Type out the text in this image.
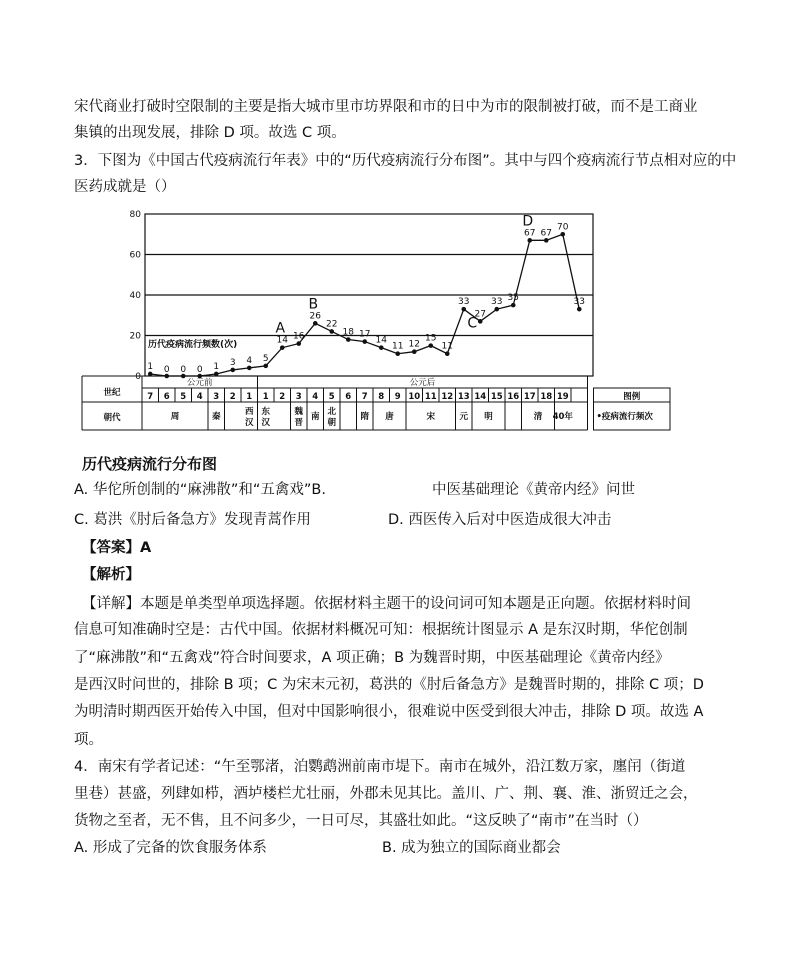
宋代商业打破时空限制的主要是指大城市里市坊界限和市的日中为市的限制被打破，而不是工商业
集镇的出现发展，排除 D 项。故选 C 项。
3．下图为《中国古代疫病流行年表》中的“历代疫病流行分布图”。其中与四个疫病流行节点相对应的中
医药成就是（）
0
20
40
60
80
历代疫病流行频数(次)
1 0 0 0 1 3 4 5
14 16
26
22
18 17
14
11 12
15
11
33
27
33 35
67 67
70
33
A
B
C
D
世纪
朝代
公元前	公元后
7 6 5 4 3 2 1 1 2 3 4 5 6 7 8 9 10 11 12 13 14 15 16 17 18 19
周	秦	西
汉
东
汉
魏
晋
南 北
朝
隋 唐	宋	元 明	清 40年
图例
•疫病流行频次
历代疫病流行分布图
A. 华佗所创制的“麻沸散”和“五禽戏”B.	中医基础理论《黄帝内经》问世
C. 葛洪《肘后备急方》发现青蒿作用	D. 西医传入后对中医造成很大冲击
【答案】A
【解析】
【详解】本题是单类型单项选择题。依据材料主题干的设问词可知本题是正向题。依据材料时间
信息可知准确时空是：古代中国。依据材料概况可知：根据统计图显示 A 是东汉时期，华佗创制
了“麻沸散”和“五禽戏”符合时间要求，A 项正确；B 为魏晋时期，中医基础理论《黄帝内经》
是西汉时问世的，排除 B 项；C 为宋末元初，葛洪的《肘后备急方》是魏晋时期的，排除 C 项；D
为明清时期西医开始传入中国，但对中国影响很小，很难说中医受到很大冲击，排除 D 项。故选 A
项。
4．南宋有学者记述：“午至鄂渚，泊鹦鹉洲前南市堤下。南市在城外，沿江数万家，廛闬（街道
里巷）甚盛，列肆如栉，酒垆楼栏尤壮丽，外郡未见其比。盖川、广、荆、襄、淮、浙贸迁之会，
货物之至者，无不售，且不问多少，一日可尽，其盛壮如此。“这反映了“南市”在当时（）
A. 形成了完备的饮食服务体系	B. 成为独立的国际商业都会
